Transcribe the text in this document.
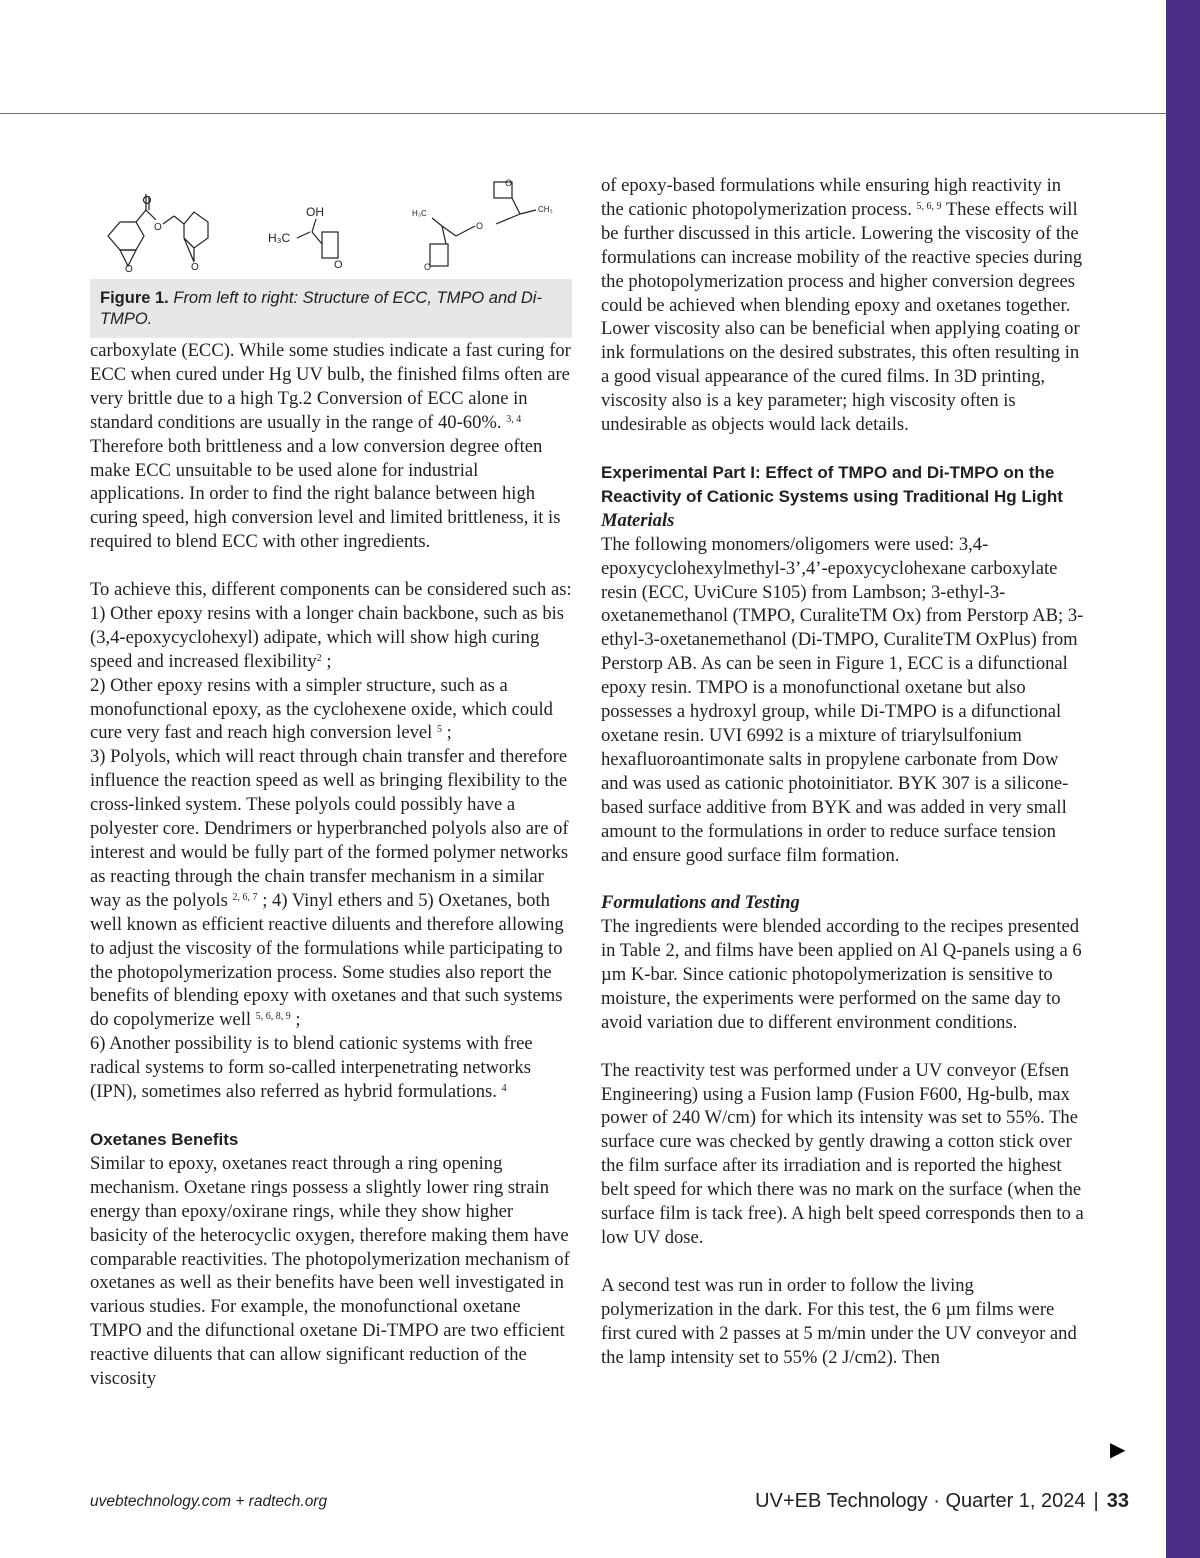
O
O
O
OH
H₃C
O
O
CH₃
O
H₃C
O
Figure 1. From left to right: Structure of ECC, TMPO and Di-TMPO.

carboxylate (ECC). While some studies indicate a fast curing for ECC when cured under Hg UV bulb, the finished films often are very brittle due to a high Tg.2 Conversion of ECC alone in standard conditions are usually in the range of 40-60%. $^{3, 4}$ Therefore both brittleness and a low conversion degree often make ECC unsuitable to be used alone for industrial applications. In order to find the right balance between high curing speed, high conversion level and limited brittleness, it is required to blend ECC with other ingredients.

To achieve this, different components can be considered such as: 1) Other epoxy resins with a longer chain backbone, such as bis (3,4-epoxycyclohexyl) adipate, which will show high curing speed and increased flexibility$^2$ ;
2) Other epoxy resins with a simpler structure, such as a monofunctional epoxy, as the cyclohexene oxide, which could cure very fast and reach high conversion level $^5$ ;
3) Polyols, which will react through chain transfer and therefore influence the reaction speed as well as bringing flexibility to the cross-linked system. These polyols could possibly have a polyester core. Dendrimers or hyperbranched polyols also are of interest and would be fully part of the formed polymer networks as reacting through the chain transfer mechanism in a similar way as the polyols $^{2, 6, 7}$ ; 4) Vinyl ethers and 5) Oxetanes, both well known as efficient reactive diluents and therefore allowing to adjust the viscosity of the formulations while participating to the photopolymerization process. Some studies also report the benefits of blending epoxy with oxetanes and that such systems do copolymerize well $^{5, 6, 8, 9}$ ;
6) Another possibility is to blend cationic systems with free radical systems to form so-called interpenetrating networks (IPN), sometimes also referred as hybrid formulations. $^4$

Oxetanes Benefits

Similar to epoxy, oxetanes react through a ring opening mechanism. Oxetane rings possess a slightly lower ring strain energy than epoxy/oxirane rings, while they show higher basicity of the heterocyclic oxygen, therefore making them have comparable reactivities. The photopolymerization mechanism of oxetanes as well as their benefits have been well investigated in various studies. For example, the monofunctional oxetane TMPO and the difunctional oxetane Di-TMPO are two efficient reactive diluents that can allow significant reduction of the viscosity

of epoxy-based formulations while ensuring high reactivity in the cationic photopolymerization process. $^{5, 6, 9}$ These effects will be further discussed in this article. Lowering the viscosity of the formulations can increase mobility of the reactive species during the photopolymerization process and higher conversion degrees could be achieved when blending epoxy and oxetanes together. Lower viscosity also can be beneficial when applying coating or ink formulations on the desired substrates, this often resulting in a good visual appearance of the cured films. In 3D printing, viscosity also is a key parameter; high viscosity often is undesirable as objects would lack details.

Experimental Part I: Effect of TMPO and Di-TMPO on the Reactivity of Cationic Systems using Traditional Hg Light
Materials

The following monomers/oligomers were used: 3,4-epoxycyclohexylmethyl-3’,4’-epoxycyclohexane carboxylate resin (ECC, UviCure S105) from Lambson; 3-ethyl-3-oxetanemethanol (TMPO, CuraliteTM Ox) from Perstorp AB; 3-ethyl-3-oxetanemethanol (Di-TMPO, CuraliteTM OxPlus) from Perstorp AB. As can be seen in Figure 1, ECC is a difunctional epoxy resin. TMPO is a monofunctional oxetane but also possesses a hydroxyl group, while Di-TMPO is a difunctional oxetane resin. UVI 6992 is a mixture of triarylsulfonium hexafluoroantimonate salts in propylene carbonate from Dow and was used as cationic photoinitiator. BYK 307 is a silicone-based surface additive from BYK and was added in very small amount to the formulations in order to reduce surface tension and ensure good surface film formation.

Formulations and Testing

The ingredients were blended according to the recipes presented in Table 2, and films have been applied on Al Q-panels using a 6 µm K-bar. Since cationic photopolymerization is sensitive to moisture, the experiments were performed on the same day to avoid variation due to different environment conditions.

The reactivity test was performed under a UV conveyor (Efsen Engineering) using a Fusion lamp (Fusion F600, Hg-bulb, max power of 240 W/cm) for which its intensity was set to 55%. The surface cure was checked by gently drawing a cotton stick over the film surface after its irradiation and is reported the highest belt speed for which there was no mark on the surface (when the surface film is tack free). A high belt speed corresponds then to a low UV dose.

A second test was run in order to follow the living polymerization in the dark. For this test, the 6 µm films were first cured with 2 passes at 5 m/min under the UV conveyor and the lamp intensity set to 55% (2 J/cm2). Then

▶
uvebtechnology.com + radtech.org	UV+EB Technology · Quarter 1, 2024 | 33
